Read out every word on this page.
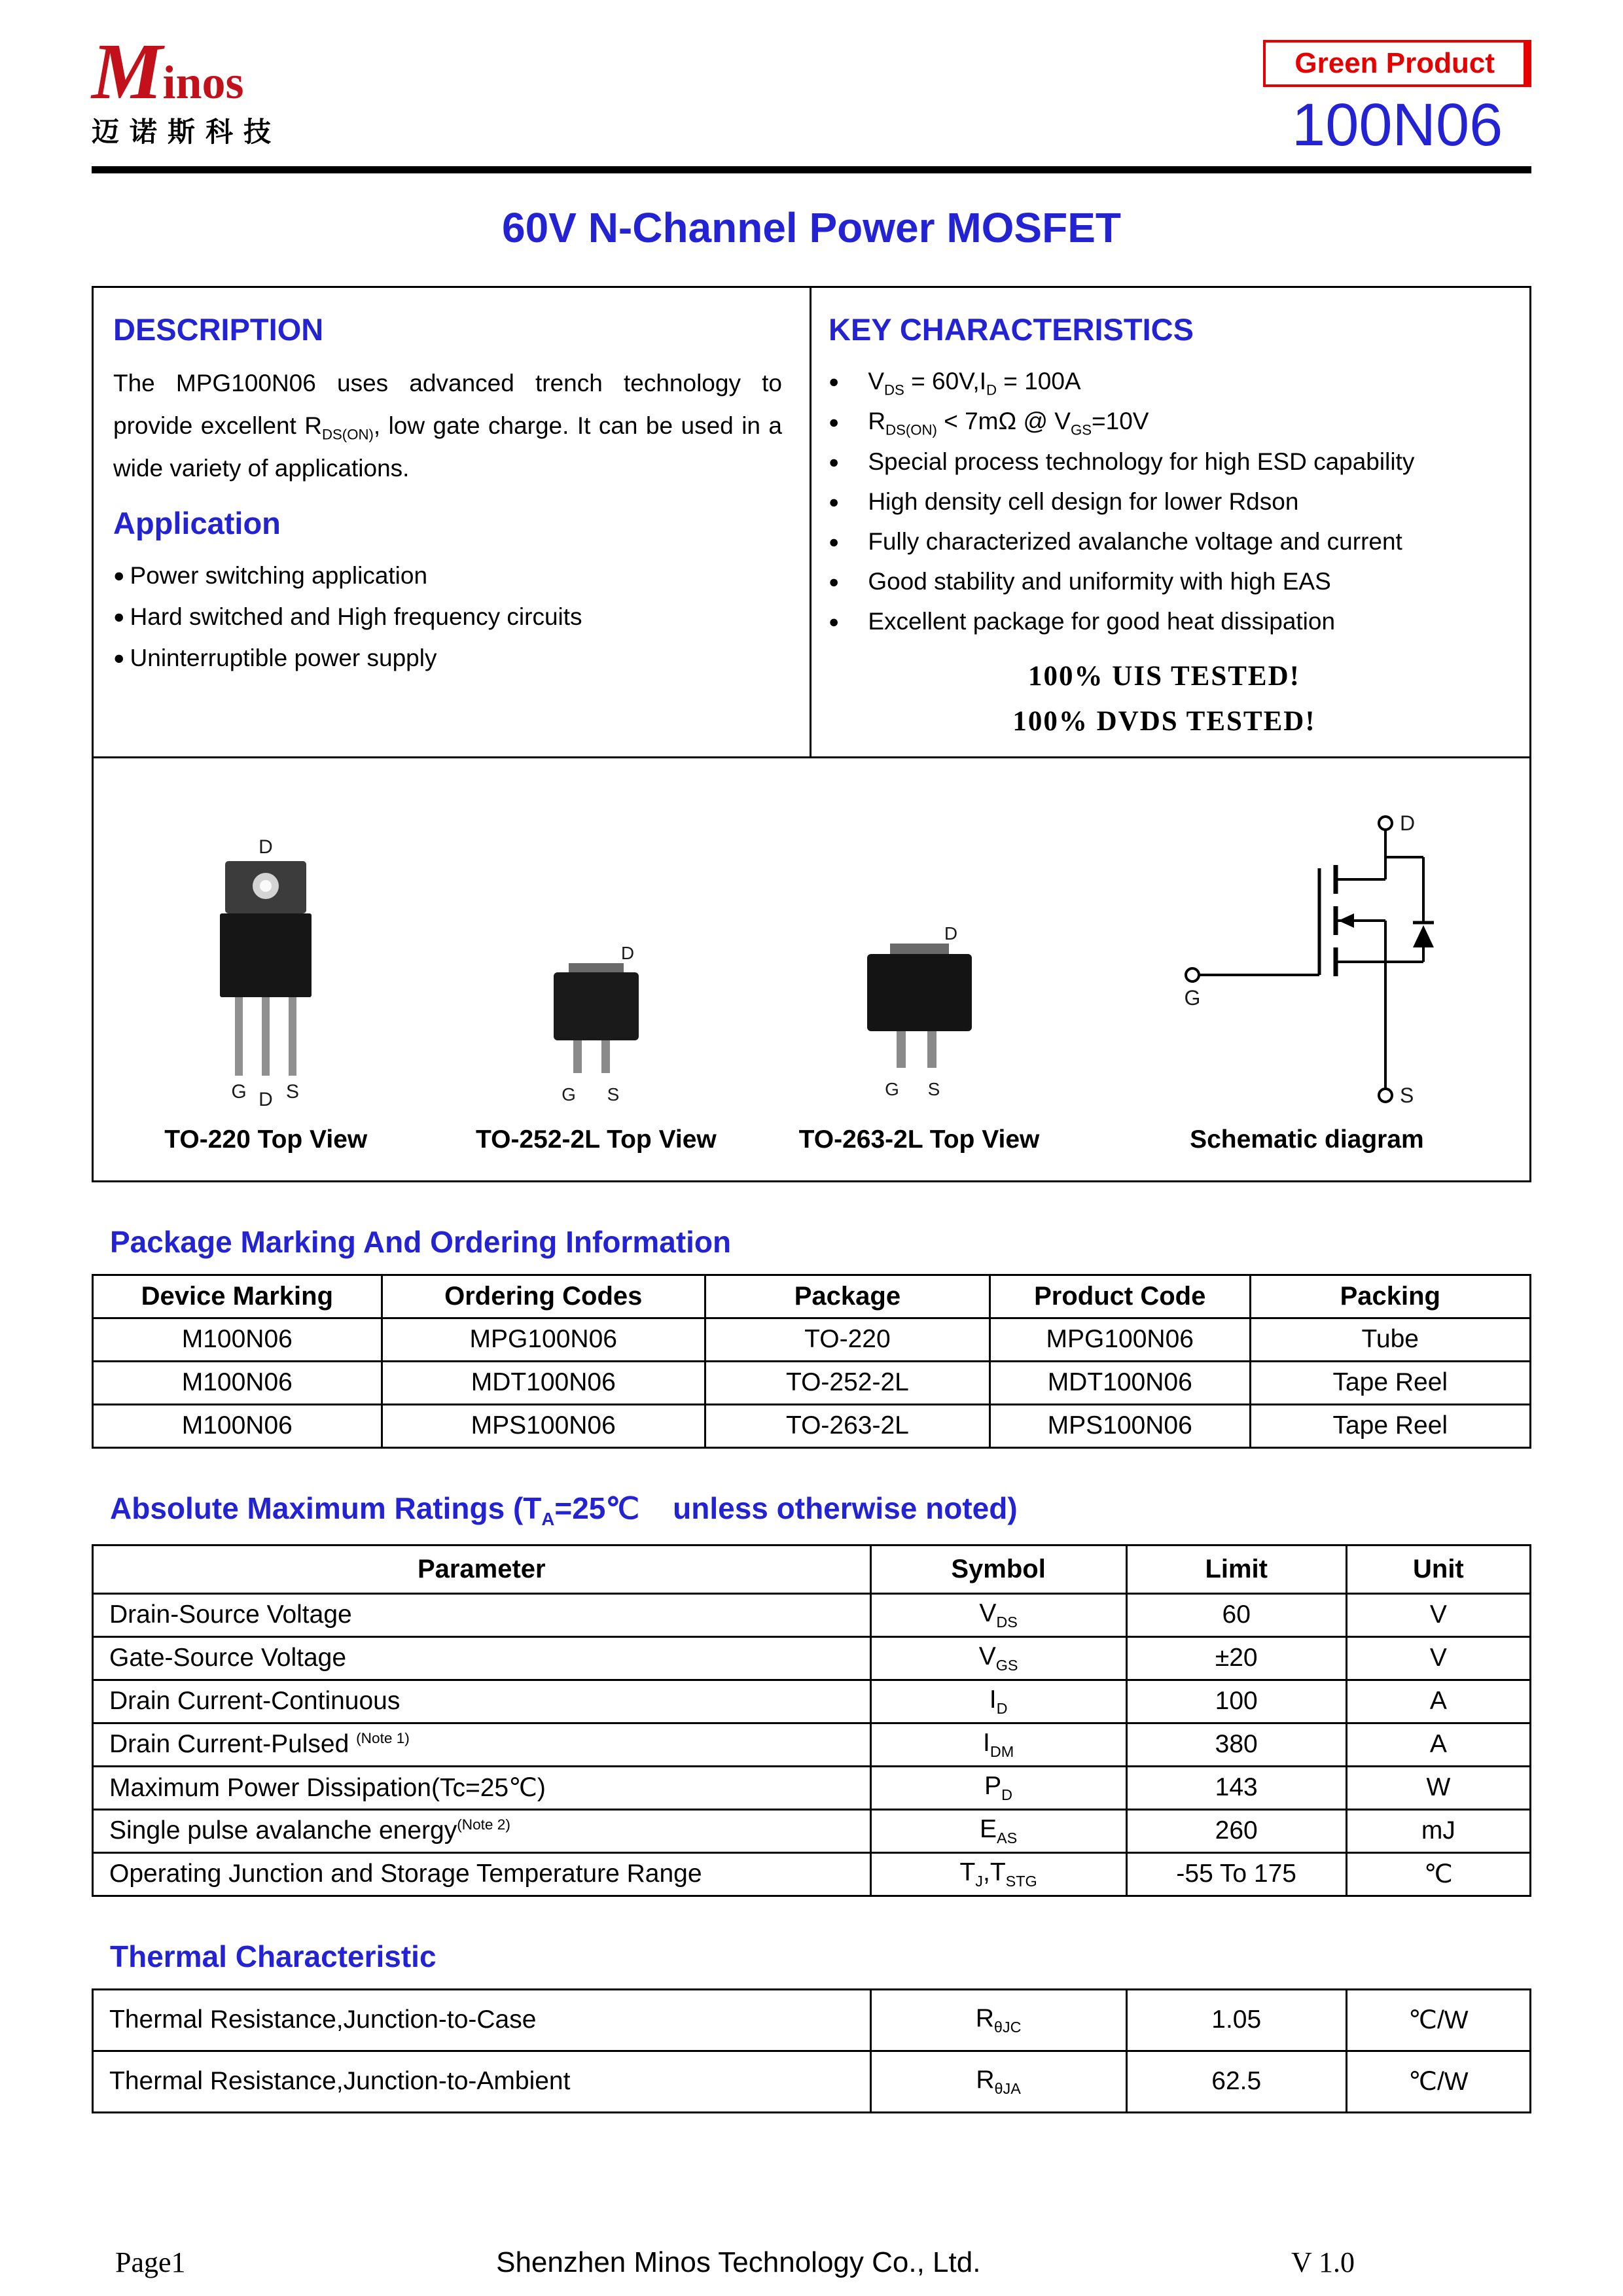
Minos
迈诺斯科技
Green Product
100N06
60V N-Channel Power MOSFET
DESCRIPTION

The MPG100N06 uses advanced trench technology to provide excellent $R_{DS(ON)}$, low gate charge. It can be used in a wide variety of applications.

Application
● Power switching application
● Hard switched and High frequency circuits
● Uninterruptible power supply
KEY CHARACTERISTICS
● $V_{DS} = 60V,I_D = 100A$
● $R_{DS(ON)} < 7m\Omega$ @ $V_{GS}=10V$
● Special process technology for high ESD capability
● High density cell design for lower Rdson
● Fully characterized avalanche voltage and current
● Good stability and uniformity with high EAS
● Excellent package for good heat dissipation
100% UIS TESTED!
100% DVDS TESTED!
D
G D S
TO-220 Top View
D
G S
TO-252-2L Top View
D
G S
TO-263-2L Top View
D
G
S
Schematic diagram
Package Marking And Ordering Information
Device Marking	Ordering Codes	Package	Product Code	Packing
M100N06	MPG100N06	TO-220	MPG100N06	Tube
M100N06	MDT100N06	TO-252-2L	MDT100N06	Tape Reel
M100N06	MPS100N06	TO-263-2L	MPS100N06	Tape Reel
Absolute Maximum Ratings ($T_A=25℃$    unless otherwise noted)
Parameter	Symbol	Limit	Unit
Drain-Source Voltage	$V_{DS}$	60	V
Gate-Source Voltage	$V_{GS}$	±20	V
Drain Current-Continuous	$I_D$	100	A
Drain Current-Pulsed $^{(Note 1)}$	$I_{DM}$	380	A
Maximum Power Dissipation(Tc=25℃)	$P_D$	143	W
Single pulse avalanche energy$^{(Note 2)}$	$E_{AS}$	260	mJ
Operating Junction and Storage Temperature Range	$T_J,T_{STG}$	-55 To 175	℃
Thermal Characteristic
Thermal Resistance,Junction-to-Case	$R_{\theta JC}$	1.05	℃/W
Thermal Resistance,Junction-to-Ambient	$R_{\theta JA}$	62.5	℃/W
Page1	Shenzhen Minos Technology Co., Ltd.	V 1.0
